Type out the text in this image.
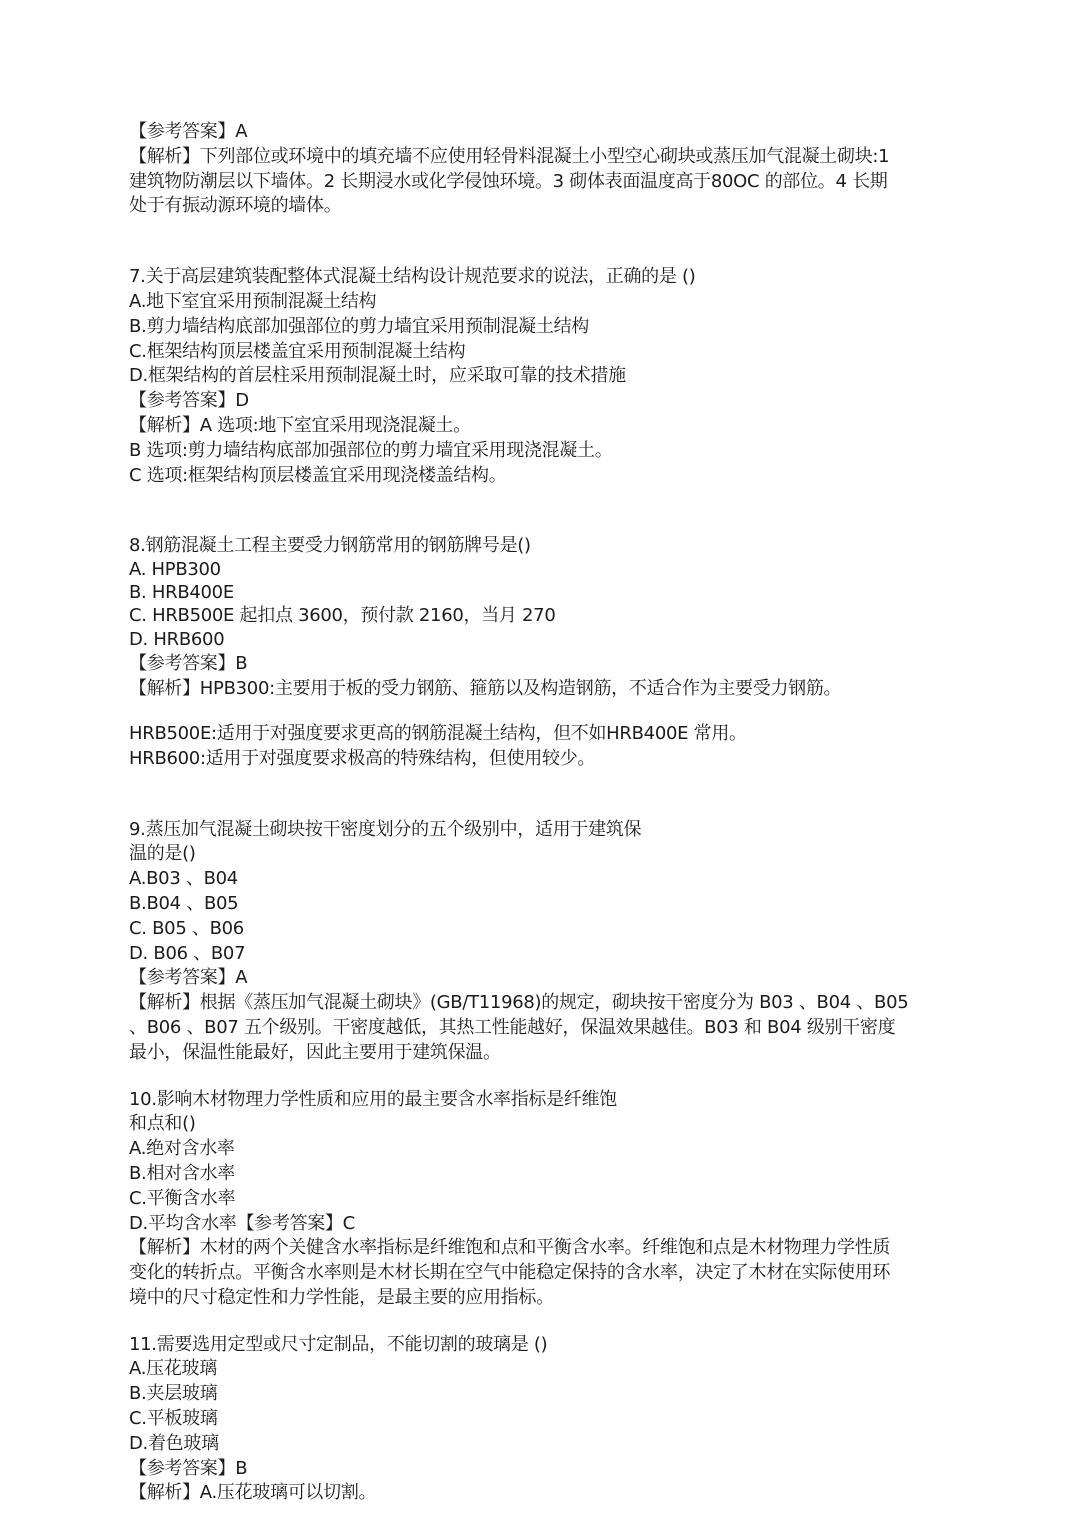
【参考答案】A
【解析】下列部位或环境中的填充墙不应使用轻骨料混凝土小型空心砌块或蒸压加气混凝土砌块:1
建筑物防潮层以下墙体。2 长期浸水或化学侵蚀环境。3 砌体表面温度高于80OC 的部位。4 长期
处于有振动源环境的墙体。
7.关于高层建筑装配整体式混凝土结构设计规范要求的说法，正确的是 ()
A.地下室宜采用预制混凝土结构
B.剪力墙结构底部加强部位的剪力墙宜采用预制混凝土结构
C.框架结构顶层楼盖宜采用预制混凝土结构
D.框架结构的首层柱采用预制混凝土时，应采取可靠的技术措施
【参考答案】D
【解析】A 选项:地下室宜采用现浇混凝土。
B 选项:剪力墙结构底部加强部位的剪力墙宜采用现浇混凝土。
C 选项:框架结构顶层楼盖宜采用现浇楼盖结构。
8.钢筋混凝土工程主要受力钢筋常用的钢筋牌号是()
A. HPB300
B. HRB400E
C. HRB500E 起扣点 3600，预付款 2160，当月 270
D. HRB600
【参考答案】B
【解析】HPB300:主要用于板的受力钢筋、箍筋以及构造钢筋，不适合作为主要受力钢筋。
HRB500E:适用于对强度要求更高的钢筋混凝土结构，但不如HRB400E 常用。
HRB600:适用于对强度要求极高的特殊结构，但使用较少。
9.蒸压加气混凝土砌块按干密度划分的五个级别中，适用于建筑保
温的是()
A.B03 、B04
B.B04 、B05
C. B05 、B06
D. B06 、B07
【参考答案】A
【解析】根据《蒸压加气混凝土砌块》(GB/T11968)的规定，砌块按干密度分为 B03 、B04 、B05
、B06 、B07 五个级别。干密度越低，其热工性能越好，保温效果越佳。B03 和 B04 级别干密度
最小，保温性能最好，因此主要用于建筑保温。
10.影响木材物理力学性质和应用的最主要含水率指标是纤维饱
和点和()
A.绝对含水率
B.相对含水率
C.平衡含水率
D.平均含水率【参考答案】C
【解析】木材的两个关健含水率指标是纤维饱和点和平衡含水率。纤维饱和点是木材物理力学性质
变化的转折点。平衡含水率则是木材长期在空气中能稳定保持的含水率，决定了木材在实际使用环
境中的尺寸稳定性和力学性能，是最主要的应用指标。
11.需要选用定型或尺寸定制品，不能切割的玻璃是 ()
A.压花玻璃
B.夹层玻璃
C.平板玻璃
D.着色玻璃
【参考答案】B
【解析】A.压花玻璃可以切割。
